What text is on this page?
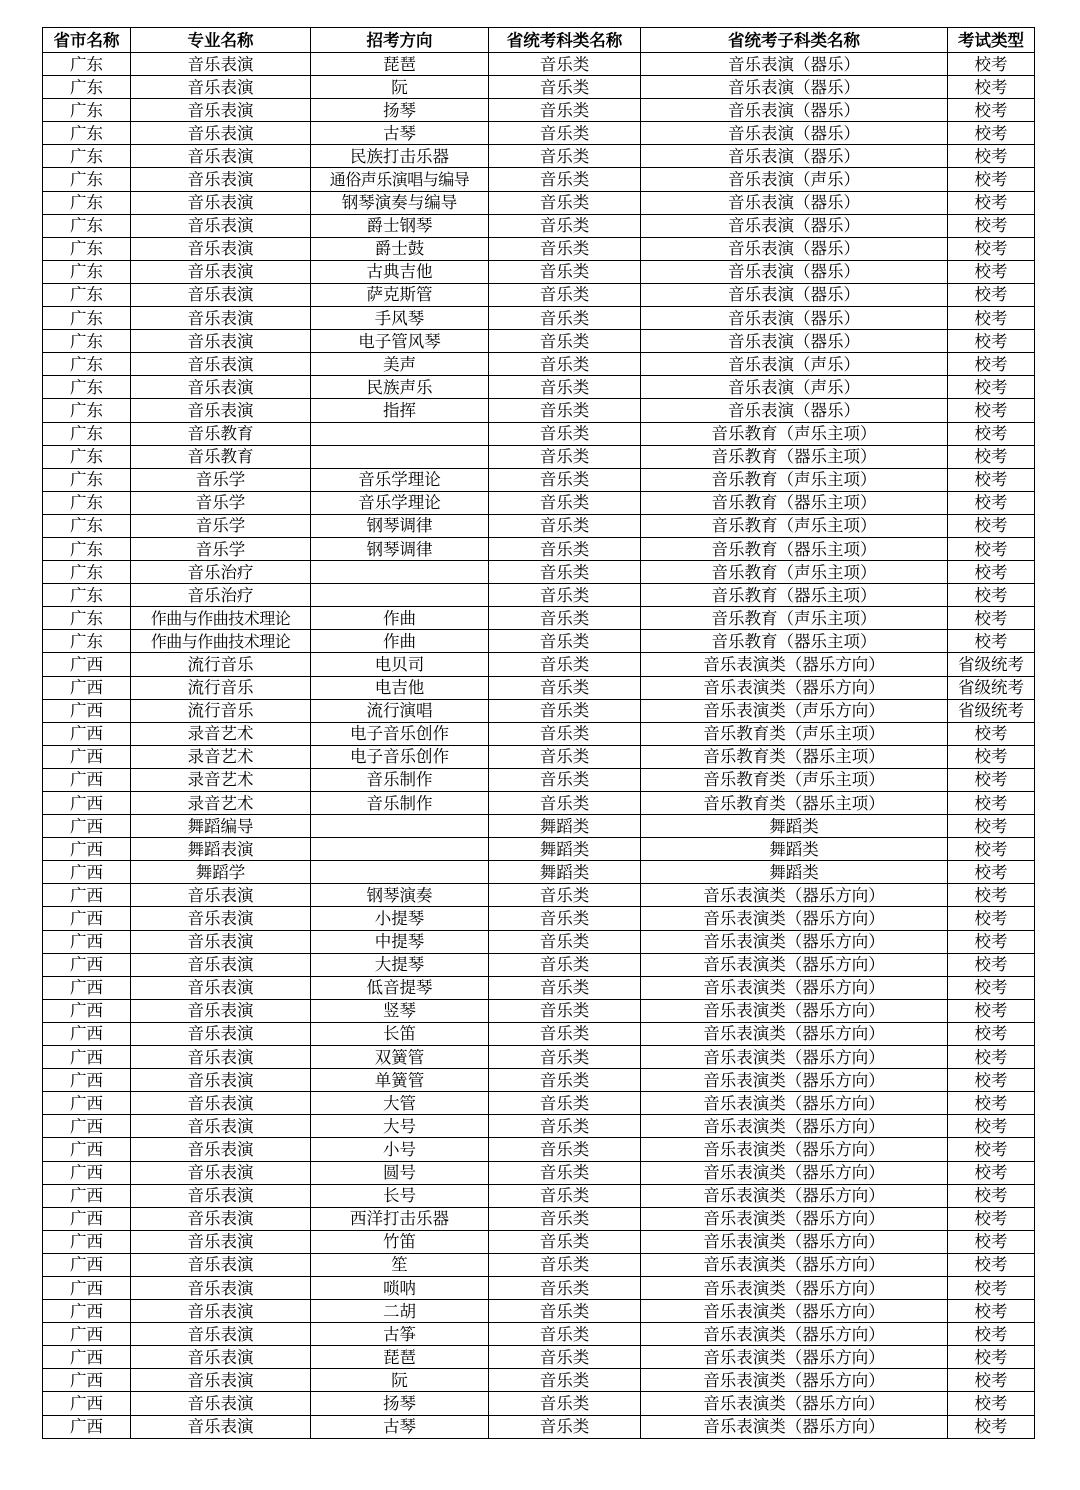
省市名称	专业名称	招考方向	省统考科类名称	省统考子科类名称	考试类型
广东	音乐表演	琵琶	音乐类	音乐表演（器乐）	校考
广东	音乐表演	阮	音乐类	音乐表演（器乐）	校考
广东	音乐表演	扬琴	音乐类	音乐表演（器乐）	校考
广东	音乐表演	古琴	音乐类	音乐表演（器乐）	校考
广东	音乐表演	民族打击乐器	音乐类	音乐表演（器乐）	校考
广东	音乐表演	通俗声乐演唱与编导	音乐类	音乐表演（声乐）	校考
广东	音乐表演	钢琴演奏与编导	音乐类	音乐表演（器乐）	校考
广东	音乐表演	爵士钢琴	音乐类	音乐表演（器乐）	校考
广东	音乐表演	爵士鼓	音乐类	音乐表演（器乐）	校考
广东	音乐表演	古典吉他	音乐类	音乐表演（器乐）	校考
广东	音乐表演	萨克斯管	音乐类	音乐表演（器乐）	校考
广东	音乐表演	手风琴	音乐类	音乐表演（器乐）	校考
广东	音乐表演	电子管风琴	音乐类	音乐表演（器乐）	校考
广东	音乐表演	美声	音乐类	音乐表演（声乐）	校考
广东	音乐表演	民族声乐	音乐类	音乐表演（声乐）	校考
广东	音乐表演	指挥	音乐类	音乐表演（器乐）	校考
广东	音乐教育		音乐类	音乐教育（声乐主项）	校考
广东	音乐教育		音乐类	音乐教育（器乐主项）	校考
广东	音乐学	音乐学理论	音乐类	音乐教育（声乐主项）	校考
广东	音乐学	音乐学理论	音乐类	音乐教育（器乐主项）	校考
广东	音乐学	钢琴调律	音乐类	音乐教育（声乐主项）	校考
广东	音乐学	钢琴调律	音乐类	音乐教育（器乐主项）	校考
广东	音乐治疗		音乐类	音乐教育（声乐主项）	校考
广东	音乐治疗		音乐类	音乐教育（器乐主项）	校考
广东	作曲与作曲技术理论	作曲	音乐类	音乐教育（声乐主项）	校考
广东	作曲与作曲技术理论	作曲	音乐类	音乐教育（器乐主项）	校考
广西	流行音乐	电贝司	音乐类	音乐表演类（器乐方向）	省级统考
广西	流行音乐	电吉他	音乐类	音乐表演类（器乐方向）	省级统考
广西	流行音乐	流行演唱	音乐类	音乐表演类（声乐方向）	省级统考
广西	录音艺术	电子音乐创作	音乐类	音乐教育类（声乐主项）	校考
广西	录音艺术	电子音乐创作	音乐类	音乐教育类（器乐主项）	校考
广西	录音艺术	音乐制作	音乐类	音乐教育类（声乐主项）	校考
广西	录音艺术	音乐制作	音乐类	音乐教育类（器乐主项）	校考
广西	舞蹈编导		舞蹈类	舞蹈类	校考
广西	舞蹈表演		舞蹈类	舞蹈类	校考
广西	舞蹈学		舞蹈类	舞蹈类	校考
广西	音乐表演	钢琴演奏	音乐类	音乐表演类（器乐方向）	校考
广西	音乐表演	小提琴	音乐类	音乐表演类（器乐方向）	校考
广西	音乐表演	中提琴	音乐类	音乐表演类（器乐方向）	校考
广西	音乐表演	大提琴	音乐类	音乐表演类（器乐方向）	校考
广西	音乐表演	低音提琴	音乐类	音乐表演类（器乐方向）	校考
广西	音乐表演	竖琴	音乐类	音乐表演类（器乐方向）	校考
广西	音乐表演	长笛	音乐类	音乐表演类（器乐方向）	校考
广西	音乐表演	双簧管	音乐类	音乐表演类（器乐方向）	校考
广西	音乐表演	单簧管	音乐类	音乐表演类（器乐方向）	校考
广西	音乐表演	大管	音乐类	音乐表演类（器乐方向）	校考
广西	音乐表演	大号	音乐类	音乐表演类（器乐方向）	校考
广西	音乐表演	小号	音乐类	音乐表演类（器乐方向）	校考
广西	音乐表演	圆号	音乐类	音乐表演类（器乐方向）	校考
广西	音乐表演	长号	音乐类	音乐表演类（器乐方向）	校考
广西	音乐表演	西洋打击乐器	音乐类	音乐表演类（器乐方向）	校考
广西	音乐表演	竹笛	音乐类	音乐表演类（器乐方向）	校考
广西	音乐表演	笙	音乐类	音乐表演类（器乐方向）	校考
广西	音乐表演	唢呐	音乐类	音乐表演类（器乐方向）	校考
广西	音乐表演	二胡	音乐类	音乐表演类（器乐方向）	校考
广西	音乐表演	古筝	音乐类	音乐表演类（器乐方向）	校考
广西	音乐表演	琵琶	音乐类	音乐表演类（器乐方向）	校考
广西	音乐表演	阮	音乐类	音乐表演类（器乐方向）	校考
广西	音乐表演	扬琴	音乐类	音乐表演类（器乐方向）	校考
广西	音乐表演	古琴	音乐类	音乐表演类（器乐方向）	校考
